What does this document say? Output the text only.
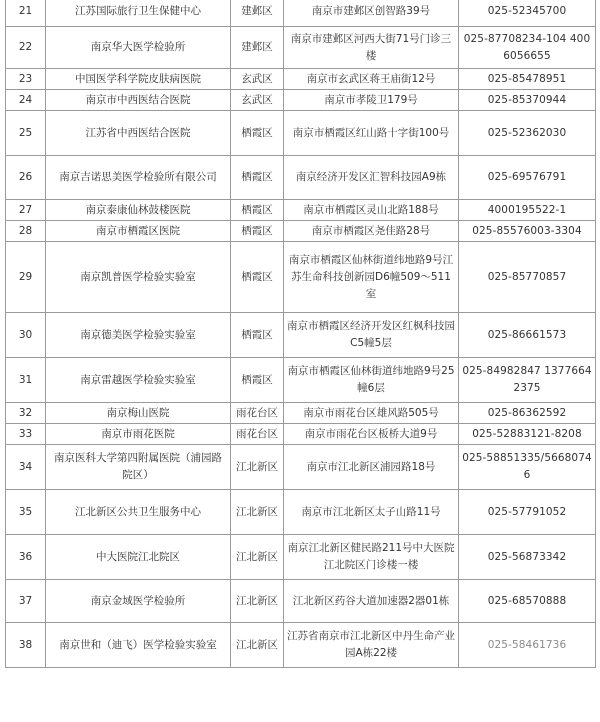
21	江苏国际旅行卫生保健中心	建邺区	南京市建邺区创智路39号	025-52345700
22	南京华大医学检验所	建邺区	南京市建邺区河西大街71号门诊三楼	025-87708234-104 4006056655
23	中国医学科学院皮肤病医院	玄武区	南京市玄武区蒋王庙街12号	025-85478951
24	南京市中西医结合医院	玄武区	南京市孝陵卫179号	025-85370944
25	江苏省中西医结合医院	栖霞区	南京市栖霞区红山路十字街100号	025-52362030
26	南京吉诺思美医学检验所有限公司	栖霞区	南京经济开发区汇智科技园A9栋	025-69576791
27	南京泰康仙林鼓楼医院	栖霞区	南京市栖霞区灵山北路188号	4000195522-1
28	南京市栖霞区医院	栖霞区	南京市栖霞区尧佳路28号	025-85576003-3304
29	南京凯普医学检验实验室	栖霞区	南京市栖霞区仙林街道纬地路9号江苏生命科技创新园D6幢509～511室	025-85770857
30	南京德美医学检验实验室	栖霞区	南京市栖霞区经济开发区红枫科技园C5幢5层	025-86661573
31	南京雷越医学检验实验室	栖霞区	南京市栖霞区仙林街道纬地路9号25幢6层	025-84982847 13776642375
32	南京梅山医院	雨花台区	南京市雨花台区雄风路505号	025-86362592
33	南京市雨花医院	雨花台区	南京市雨花台区板桥大道9号	025-52883121-8208
34	南京医科大学第四附属医院（浦园路院区）	江北新区	南京市江北新区浦园路18号	025-58851335/56680746
35	江北新区公共卫生服务中心	江北新区	南京市江北新区太子山路11号	025-57791052
36	中大医院江北院区	江北新区	南京江北新区健民路211号中大医院江北院区门诊楼一楼	025-56873342
37	南京金域医学检验所	江北新区	江北新区药谷大道加速器2器01栋	025-68570888
38	南京世和（迪飞）医学检验实验室	江北新区	江苏省南京市江北新区中丹生命产业园A栋22楼	025-58461736
